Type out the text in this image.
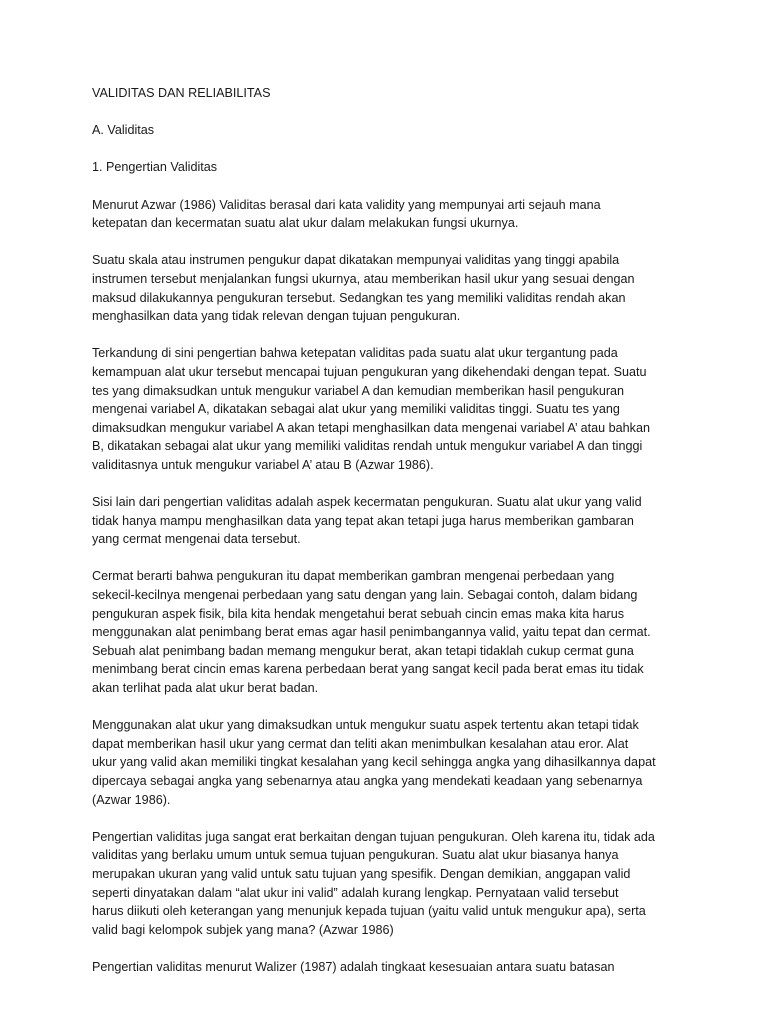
VALIDITAS DAN RELIABILITAS

A. Validitas

1. Pengertian Validitas

Menurut Azwar (1986) Validitas berasal dari kata validity yang mempunyai arti sejauh mana
ketepatan dan kecermatan suatu alat ukur dalam melakukan fungsi ukurnya.

Suatu skala atau instrumen pengukur dapat dikatakan mempunyai validitas yang tinggi apabila
instrumen tersebut menjalankan fungsi ukurnya, atau memberikan hasil ukur yang sesuai dengan
maksud dilakukannya pengukuran tersebut. Sedangkan tes yang memiliki validitas rendah akan
menghasilkan data yang tidak relevan dengan tujuan pengukuran.

Terkandung di sini pengertian bahwa ketepatan validitas pada suatu alat ukur tergantung pada
kemampuan alat ukur tersebut mencapai tujuan pengukuran yang dikehendaki dengan tepat. Suatu
tes yang dimaksudkan untuk mengukur variabel A dan kemudian memberikan hasil pengukuran
mengenai variabel A, dikatakan sebagai alat ukur yang memiliki validitas tinggi. Suatu tes yang
dimaksudkan mengukur variabel A akan tetapi menghasilkan data mengenai variabel A’ atau bahkan
B, dikatakan sebagai alat ukur yang memiliki validitas rendah untuk mengukur variabel A dan tinggi
validitasnya untuk mengukur variabel A’ atau B (Azwar 1986).

Sisi lain dari pengertian validitas adalah aspek kecermatan pengukuran. Suatu alat ukur yang valid
tidak hanya mampu menghasilkan data yang tepat akan tetapi juga harus memberikan gambaran
yang cermat mengenai data tersebut.

Cermat berarti bahwa pengukuran itu dapat memberikan gambran mengenai perbedaan yang
sekecil-kecilnya mengenai perbedaan yang satu dengan yang lain. Sebagai contoh, dalam bidang
pengukuran aspek fisik, bila kita hendak mengetahui berat sebuah cincin emas maka kita harus
menggunakan alat penimbang berat emas agar hasil penimbangannya valid, yaitu tepat dan cermat.
Sebuah alat penimbang badan memang mengukur berat, akan tetapi tidaklah cukup cermat guna
menimbang berat cincin emas karena perbedaan berat yang sangat kecil pada berat emas itu tidak
akan terlihat pada alat ukur berat badan.

Menggunakan alat ukur yang dimaksudkan untuk mengukur suatu aspek tertentu akan tetapi tidak
dapat memberikan hasil ukur yang cermat dan teliti akan menimbulkan kesalahan atau eror. Alat
ukur yang valid akan memiliki tingkat kesalahan yang kecil sehingga angka yang dihasilkannya dapat
dipercaya sebagai angka yang sebenarnya atau angka yang mendekati keadaan yang sebenarnya
(Azwar 1986).

Pengertian validitas juga sangat erat berkaitan dengan tujuan pengukuran. Oleh karena itu, tidak ada
validitas yang berlaku umum untuk semua tujuan pengukuran. Suatu alat ukur biasanya hanya
merupakan ukuran yang valid untuk satu tujuan yang spesifik. Dengan demikian, anggapan valid
seperti dinyatakan dalam “alat ukur ini valid” adalah kurang lengkap. Pernyataan valid tersebut
harus diikuti oleh keterangan yang menunjuk kepada tujuan (yaitu valid untuk mengukur apa), serta
valid bagi kelompok subjek yang mana? (Azwar 1986)

Pengertian validitas menurut Walizer (1987) adalah tingkaat kesesuaian antara suatu batasan
